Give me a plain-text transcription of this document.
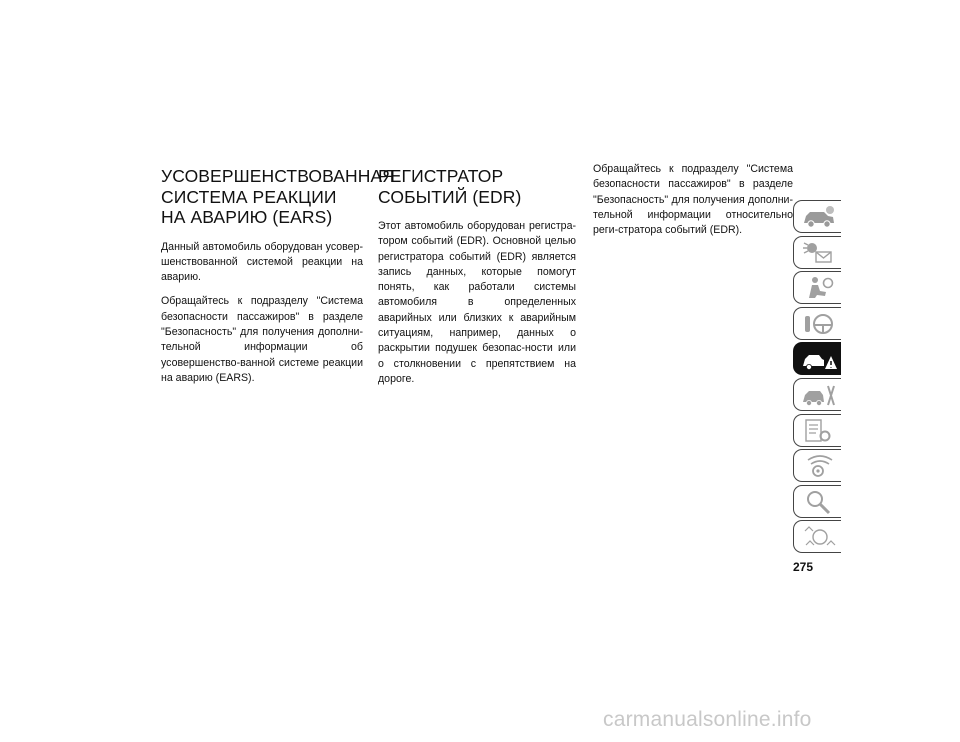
УСОВЕРШЕНСТВОВАННАЯ СИСТЕМА РЕАКЦИИ НА АВАРИЮ (EARS)

Данный автомобиль оборудован усовер-шенствованной системой реакции на аварию.

Обращайтесь к подразделу "Система безопасности пассажиров" в разделе "Безопасность" для получения дополни-тельной информации об усовершенство-ванной системе реакции на аварию (EARS).

РЕГИСТРАТОР СОБЫТИЙ (EDR)

Этот автомобиль оборудован регистра-тором событий (EDR). Основной целью регистратора событий (EDR) является запись данных, которые помогут понять, как работали системы автомобиля в определенных аварийных или близких к аварийным ситуациям, например, данных о раскрытии подушек безопас-ности или о столкновении с препятствием на дороге.

Обращайтесь к подразделу "Система безопасности пассажиров" в разделе "Безопасность" для получения дополни-тельной информации относительно реги-стратора событий (EDR).

275
carmanualsonline.info
